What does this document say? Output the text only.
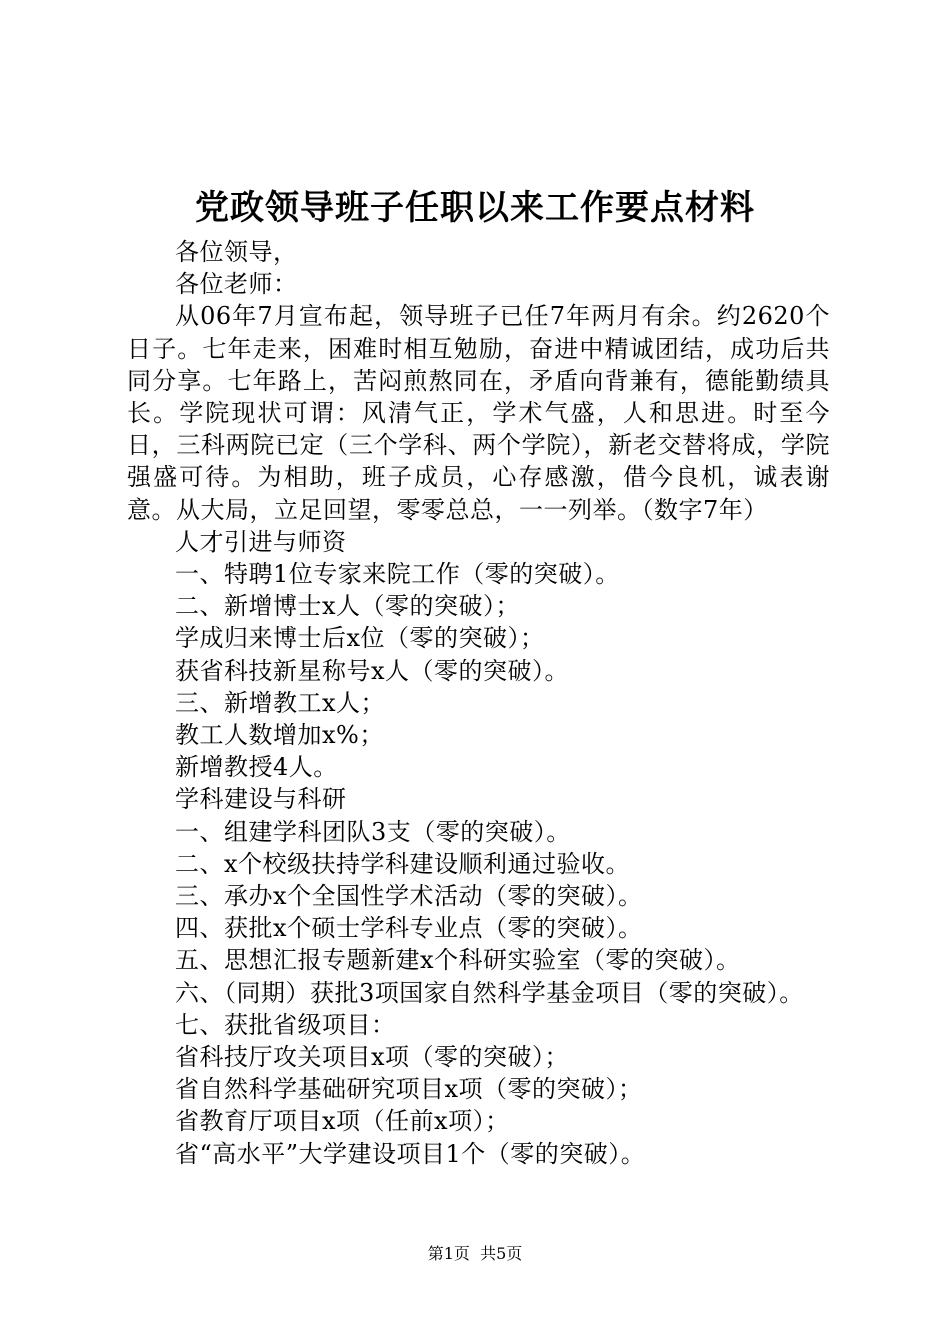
党政领导班子任职以来工作要点材料
各位领导，
各位老师：
从06年7月宣布起，领导班子已任7年两月有余。约2620个日子。七年走来，困难时相互勉励，奋进中精诚团结，成功后共同分享。七年路上，苦闷煎熬同在，矛盾向背兼有，德能勤绩具长。学院现状可谓：风清气正，学术气盛，人和思进。时至今日，三科两院已定（三个学科、两个学院），新老交替将成，学院强盛可待。为相助，班子成员，心存感激，借今良机，诚表谢意。从大局，立足回望，零零总总，一一列举。（数字7年）
人才引进与师资
一、特聘1位专家来院工作（零的突破）。
二、新增博士x人（零的突破）；
学成归来博士后x位（零的突破）；
获省科技新星称号x人（零的突破）。
三、新增教工x人；
教工人数增加x%；
新增教授4人。
学科建设与科研
一、组建学科团队3支（零的突破）。
二、x个校级扶持学科建设顺利通过验收。
三、承办x个全国性学术活动（零的突破）。
四、获批x个硕士学科专业点（零的突破）。
五、思想汇报专题新建x个科研实验室（零的突破）。
六、（同期）获批3项国家自然科学基金项目（零的突破）。
七、获批省级项目：
省科技厅攻关项目x项（零的突破）；
省自然科学基础研究项目x项（零的突破）；
省教育厅项目x项（任前x项）；
省“高水平”大学建设项目1个（零的突破）。
第1页 共5页
